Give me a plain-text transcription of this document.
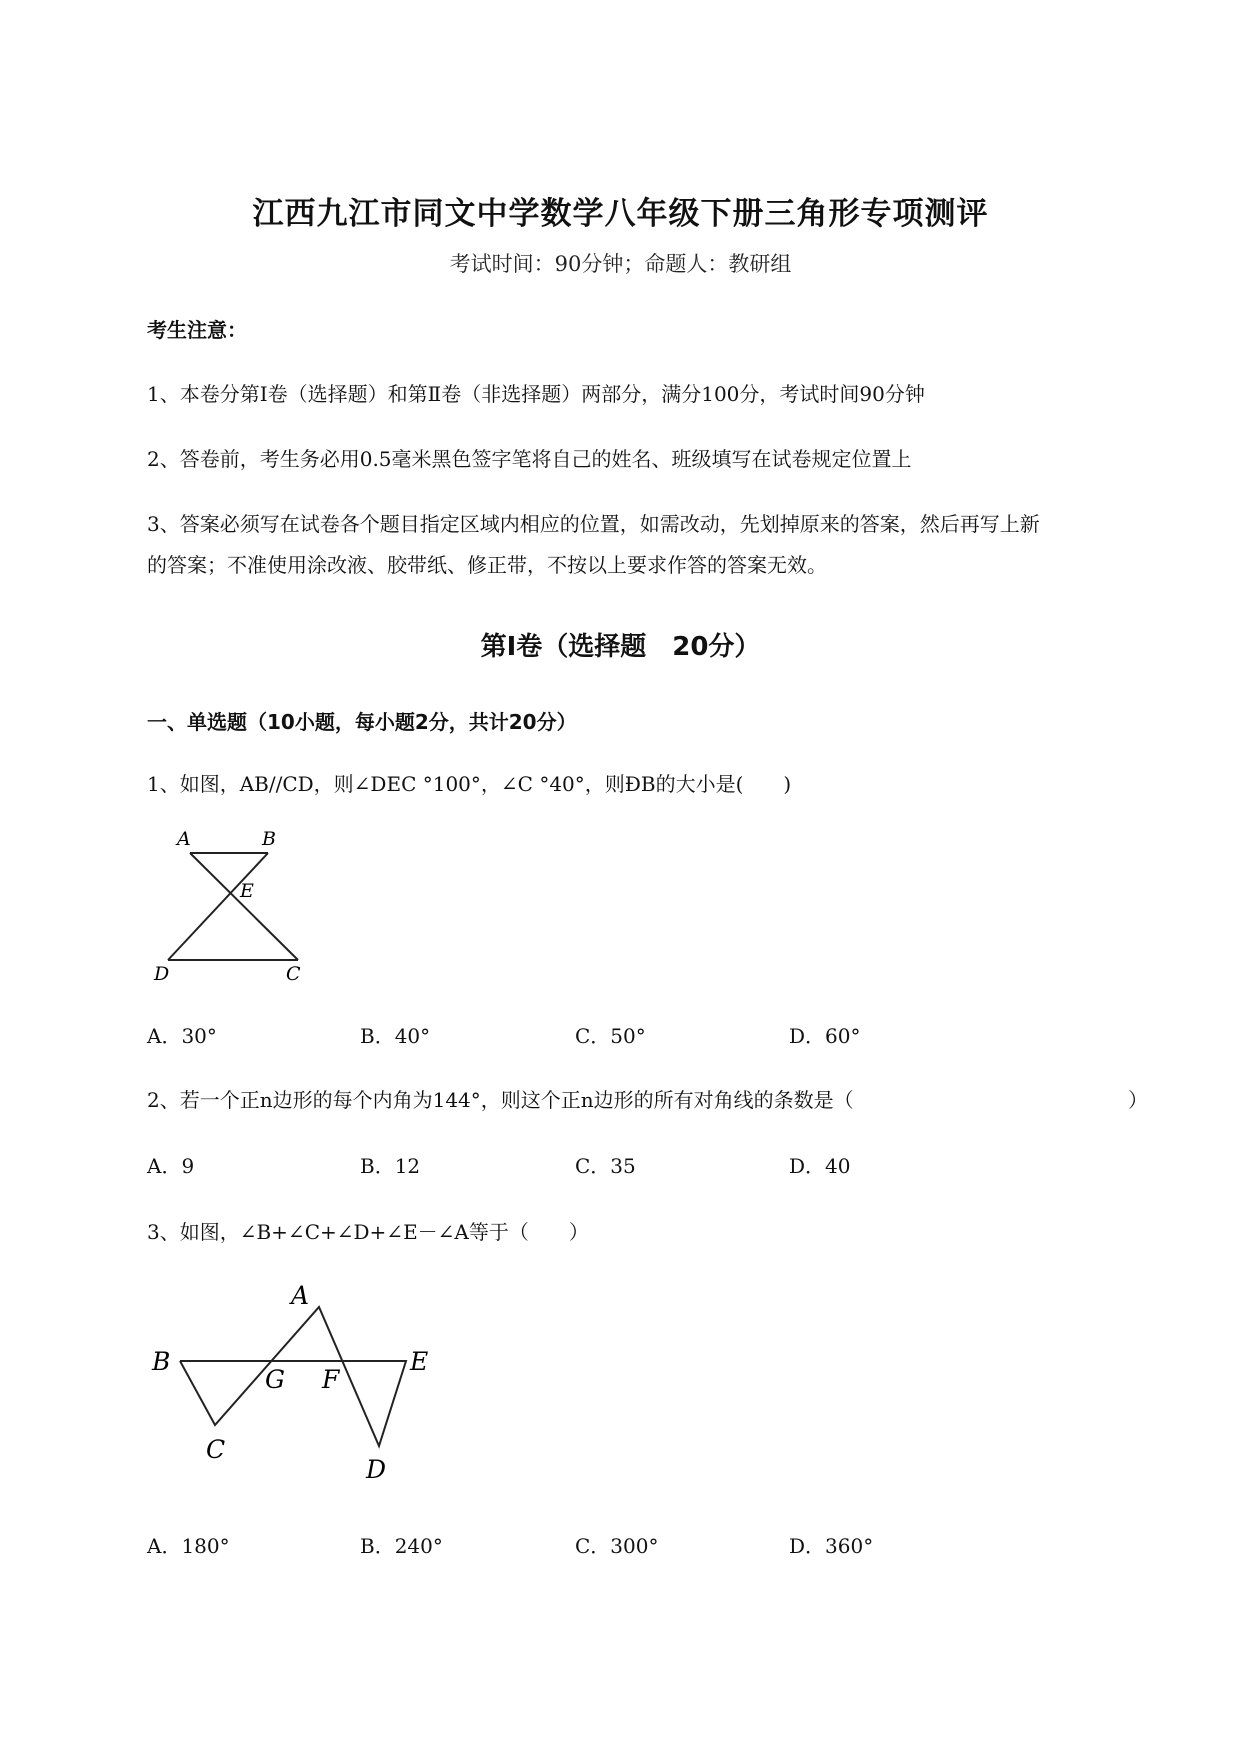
江西九江市同文中学数学八年级下册三角形专项测评
考试时间：90分钟；命题人：教研组
考生注意：
1、本卷分第Ⅰ卷（选择题）和第Ⅱ卷（非选择题）两部分，满分100分，考试时间90分钟
2、答卷前，考生务必用0.5毫米黑色签字笔将自己的姓名、班级填写在试卷规定位置上
3、答案必须写在试卷各个题目指定区域内相应的位置，如需改动，先划掉原来的答案，然后再写上新
的答案；不准使用涂改液、胶带纸、修正带，不按以上要求作答的答案无效。
第Ⅰ卷（选择题　20分）
一、单选题（10小题，每小题2分，共计20分）
1、如图，AB//CD，则∠DEC °100°，∠C °40°，则ÐB的大小是(　　)
A	B
E
D	C
A．30°	B．40°	C．50°	D．60°
2、若一个正n边形的每个内角为144°，则这个正n边形的所有对角线的条数是（	）
A．9	B．12	C．35	D．40
3、如图，∠B+∠C+∠D+∠E－∠A等于（　　）
A
B
G F
E
C
D
A．180°	B．240°	C．300°	D．360°
